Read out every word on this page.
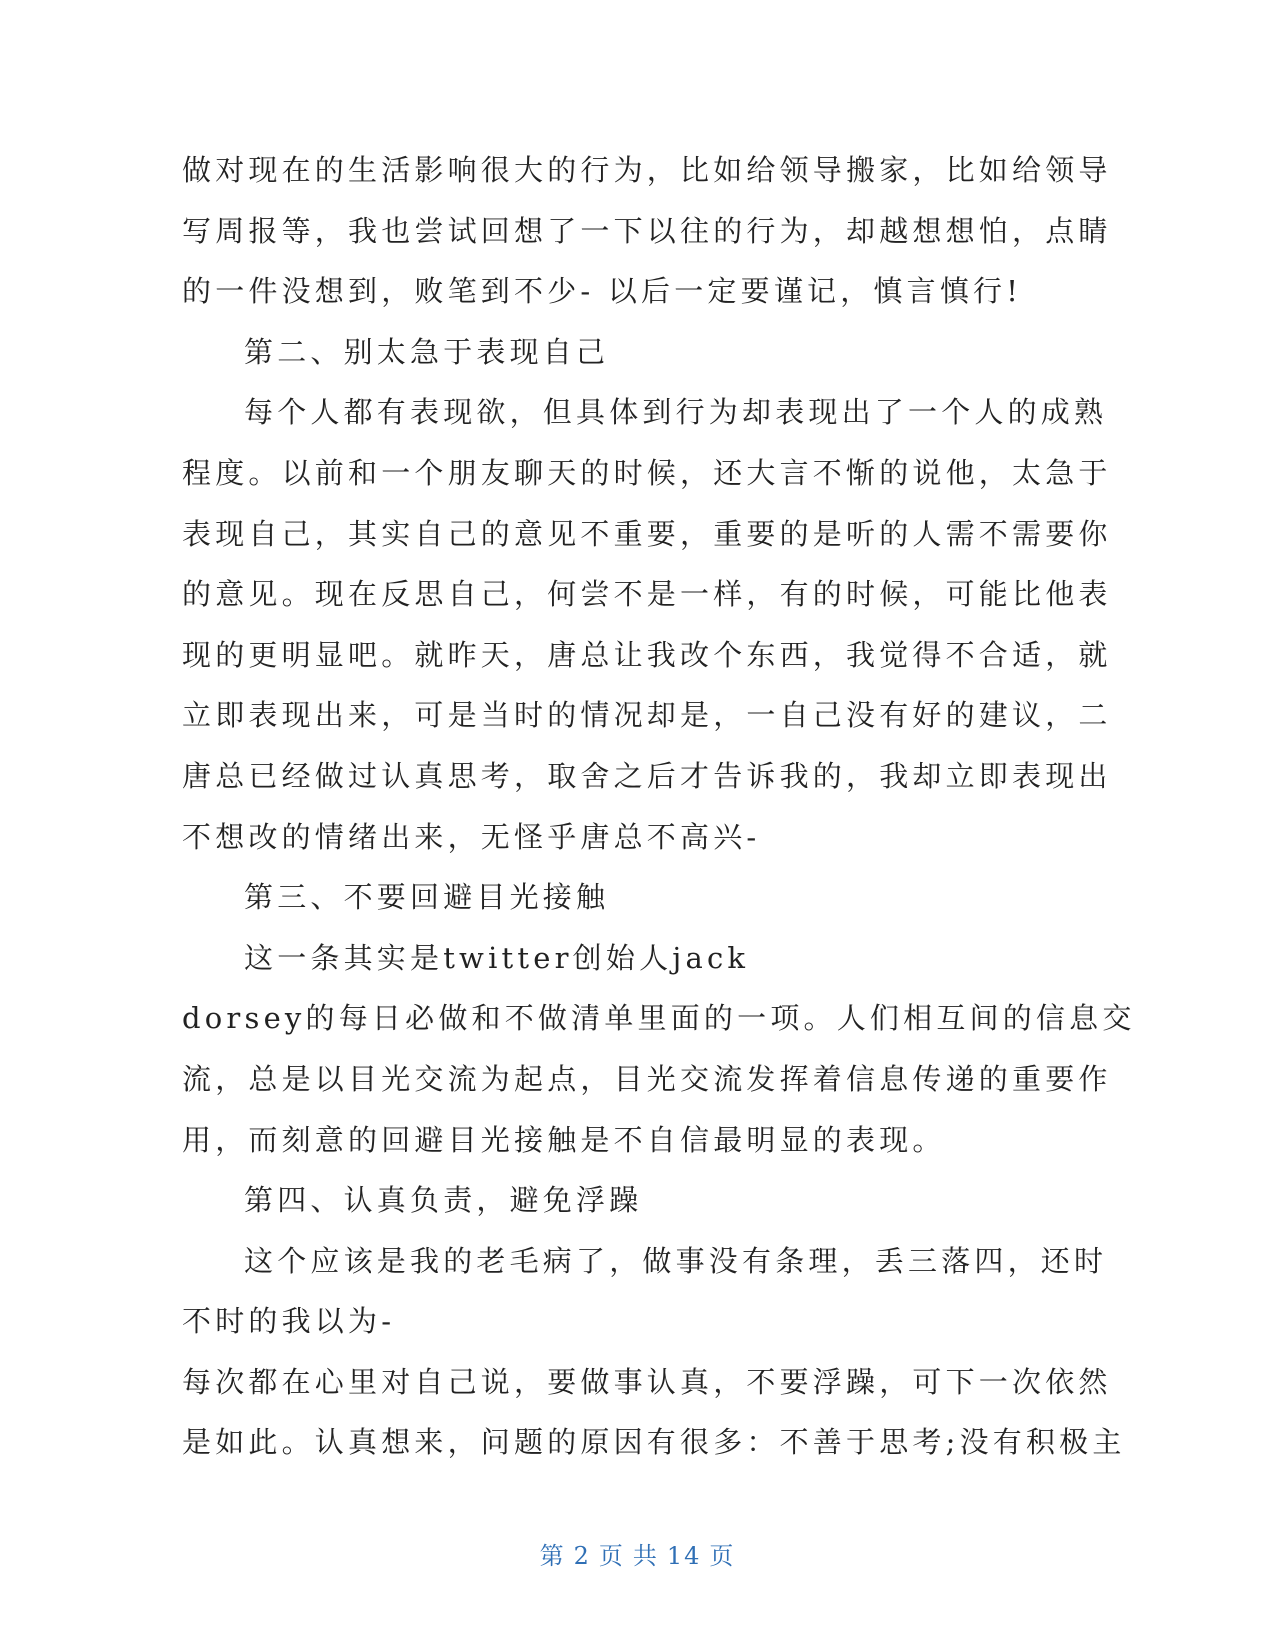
做对现在的生活影响很大的行为，比如给领导搬家，比如给领导
写周报等，我也尝试回想了一下以往的行为，却越想想怕，点睛
的一件没想到，败笔到不少- 以后一定要谨记，慎言慎行!
第二、别太急于表现自己
每个人都有表现欲，但具体到行为却表现出了一个人的成熟
程度。以前和一个朋友聊天的时候，还大言不惭的说他，太急于
表现自己，其实自己的意见不重要，重要的是听的人需不需要你
的意见。现在反思自己，何尝不是一样，有的时候，可能比他表
现的更明显吧。就昨天，唐总让我改个东西，我觉得不合适，就
立即表现出来，可是当时的情况却是，一自己没有好的建议，二
唐总已经做过认真思考，取舍之后才告诉我的，我却立即表现出
不想改的情绪出来，无怪乎唐总不高兴-
第三、不要回避目光接触
这一条其实是twitter创始人jack
dorsey的每日必做和不做清单里面的一项。人们相互间的信息交
流，总是以目光交流为起点，目光交流发挥着信息传递的重要作
用，而刻意的回避目光接触是不自信最明显的表现。
第四、认真负责，避免浮躁
这个应该是我的老毛病了，做事没有条理，丢三落四，还时
不时的我以为-
每次都在心里对自己说，要做事认真，不要浮躁，可下一次依然
是如此。认真想来，问题的原因有很多：不善于思考;没有积极主
第 2 页 共 14 页
